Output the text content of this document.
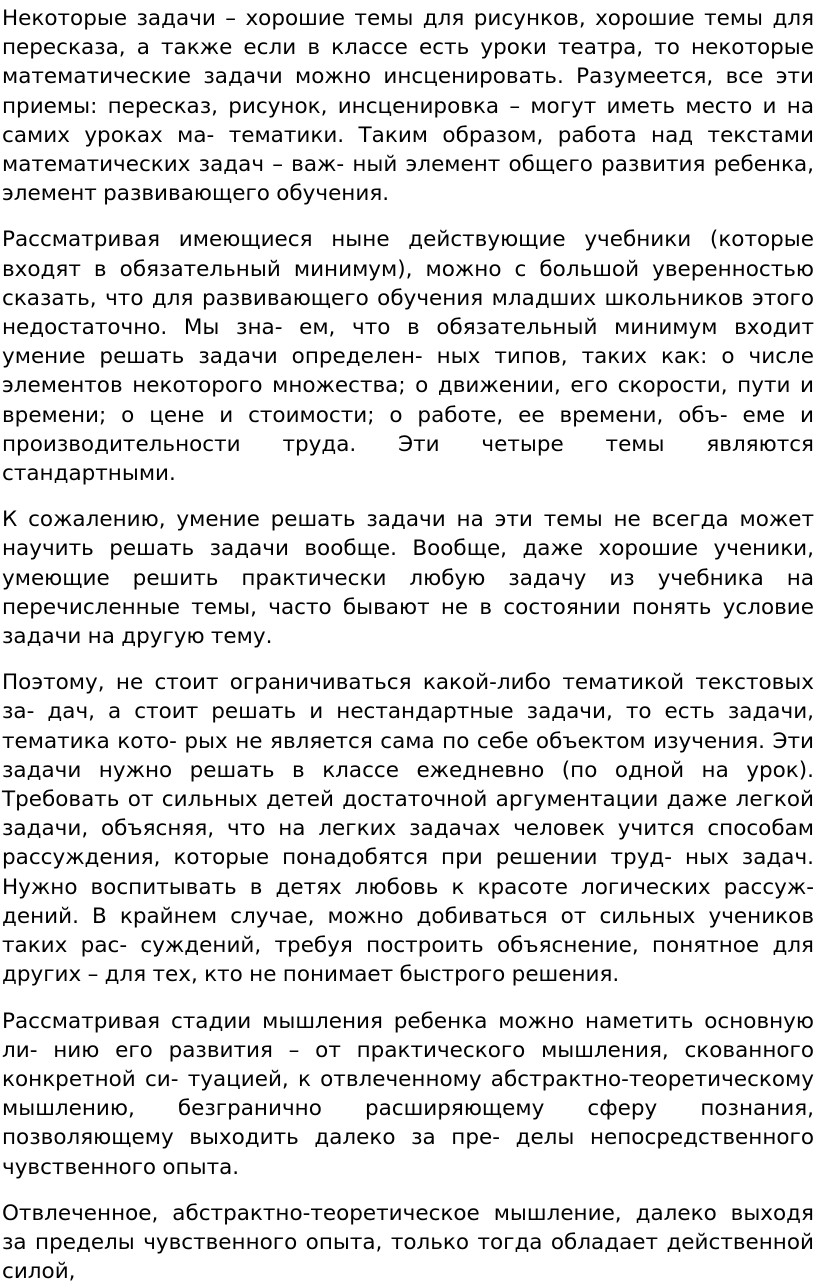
Некоторые задачи – хорошие темы для рисунков, хорошие темы для пересказа, а также если в классе есть уроки театра, то некоторые математические задачи можно инсценировать. Разумеется, все эти приемы: пересказ, рисунок, инсценировка – могут иметь место и на самих уроках ма- тематики. Таким образом, работа над текстами математических задач – важ- ный элемент общего развития ребенка, элемент развивающего обучения.

Рассматривая имеющиеся ныне действующие учебники (которые входят в обязательный минимум), можно с большой уверенностью сказать, что для развивающего обучения младших школьников этого недостаточно. Мы зна- ем, что в обязательный минимум входит умение решать задачи определен- ных типов, таких как: о числе элементов некоторого множества; о движении, его скорости, пути и времени; о цене и стоимости; о работе, ее времени, объ- еме и производительности труда. Эти четыре темы являются стандартными.

К сожалению, умение решать задачи на эти темы не всегда может научить решать задачи вообще. Вообще, даже хорошие ученики, умеющие решить практически любую задачу из учебника на перечисленные темы, часто бывают не в состоянии понять условие задачи на другую тему.

Поэтому, не стоит ограничиваться какой-либо тематикой текстовых за- дач, а стоит решать и нестандартные задачи, то есть задачи, тематика кото- рых не является сама по себе объектом изучения. Эти задачи нужно решать в классе ежедневно (по одной на урок). Требовать от сильных детей достаточной аргументации даже легкой задачи, объясняя, что на легких задачах человек учится способам рассуждения, которые понадобятся при решении труд- ных задач. Нужно воспитывать в детях любовь к красоте логических рассуж- дений. В крайнем случае, можно добиваться от сильных учеников таких рас- суждений, требуя построить объяснение, понятное для других – для тех, кто не понимает быстрого решения.

Рассматривая стадии мышления ребенка можно наметить основную ли- нию его развития – от практического мышления, скованного конкретной си- туацией, к отвлеченному абстрактно-теоретическому мышлению, безгранично расширяющему сферу познания, позволяющему выходить далеко за пре- делы непосредственного чувственного опыта.

Отвлеченное, абстрактно-теоретическое мышление, далеко выходя за пределы чувственного опыта, только тогда обладает действенной силой,
